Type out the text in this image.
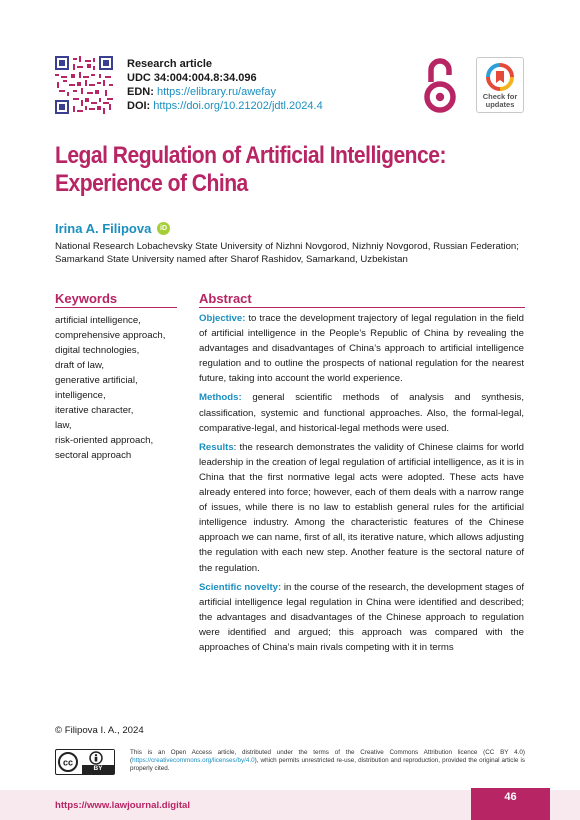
Research article
UDC 34:004:004.8:34.096
EDN: https://elibrary.ru/awefay
DOI: https://doi.org/10.21202/jdtl.2024.4
Check for updates
Legal Regulation of Artificial Intelligence:
Experience of China
Irina A. Filipova	iD
National Research Lobachevsky State University of Nizhni Novgorod, Nizhniy Novgorod, Russian Federation;
Samarkand State University named after Sharof Rashidov, Samarkand, Uzbekistan
Keywords
artificial intelligence,
comprehensive approach,
digital technologies,
draft of law,
generative artificial,
intelligence,
iterative character,
law,
risk-oriented approach,
sectoral approach
Abstract

Objective: to trace the development trajectory of legal regulation in the field of artificial intelligence in the People’s Republic of China by revealing the advantages and disadvantages of China’s approach to artificial intelligence regulation and to outline the prospects of national regulation for the nearest future, taking into account the world experience.

Methods: general scientific methods of analysis and synthesis, classification, systemic and functional approaches. Also, the formal-legal, comparative-legal, and historical-legal methods were used.

Results: the research demonstrates the validity of Chinese claims for world leadership in the creation of legal regulation of artificial intelligence, as it is in China that the first normative legal acts were adopted. These acts have already entered into force; however, each of them deals with a narrow range of issues, while there is no law to establish general rules for the artificial intelligence industry. Among the characteristic features of the Chinese approach we can name, first of all, its iterative nature, which allows adjusting the regulation with each new step. Another feature is the sectoral nature of the regulation.

Scientific novelty: in the course of the research, the development stages of artificial intelligence legal regulation in China were identified and described; the advantages and disadvantages of the Chinese approach to regulation were identified and argued; this approach was compared with the approaches of China’s main rivals competing with it in terms

© Filipova I. A., 2024
cc
BY
This is an Open Access article, distributed under the terms of the Creative Commons Attribution licence (CC BY 4.0) (https://creativecommons.org/licenses/by/4.0), which permits unrestricted re-use, distribution and reproduction, provided the original article is properly cited.
https://www.lawjournal.digital
46
